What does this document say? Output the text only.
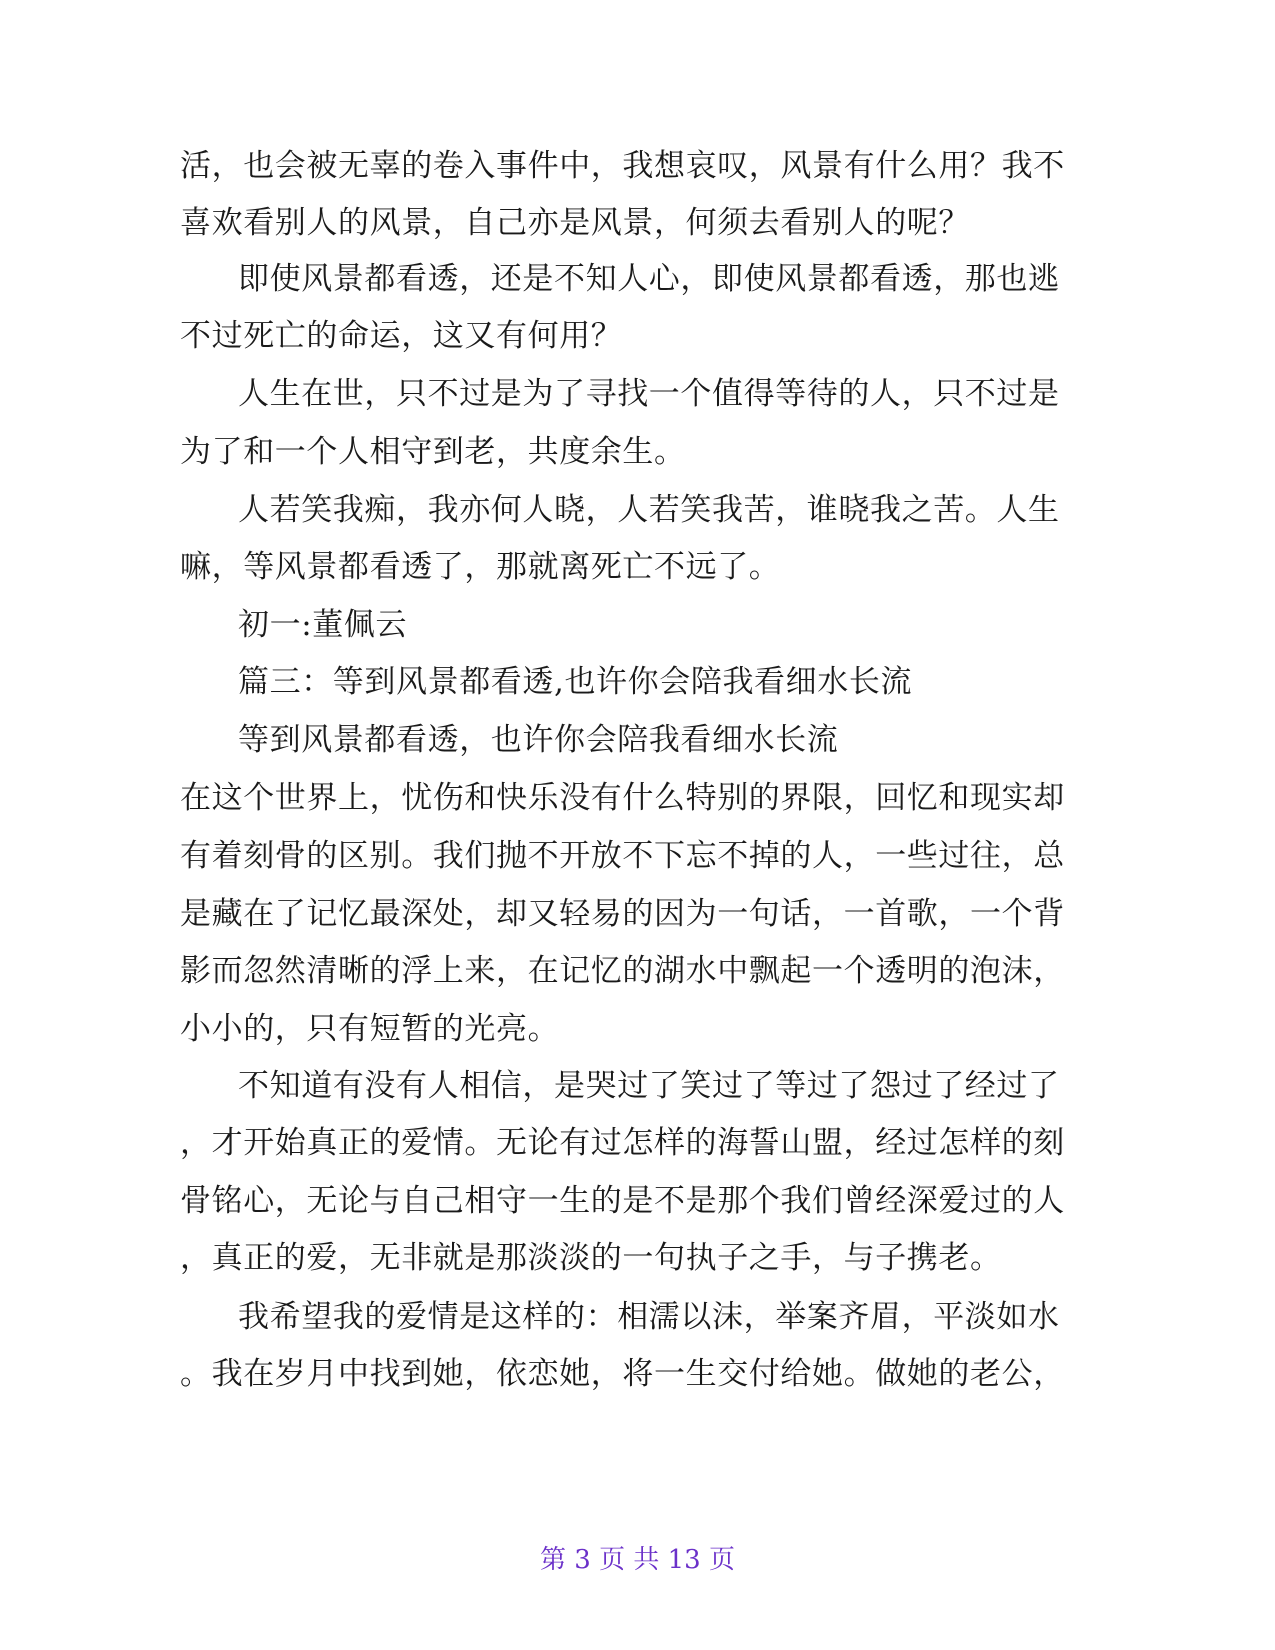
活，也会被无辜的卷入事件中，我想哀叹，风景有什么用？我不
喜欢看别人的风景，自己亦是风景，何须去看别人的呢？
即使风景都看透，还是不知人心，即使风景都看透，那也逃
不过死亡的命运，这又有何用？
人生在世，只不过是为了寻找一个值得等待的人，只不过是
为了和一个人相守到老，共度余生。
人若笑我痴，我亦何人晓，人若笑我苦，谁晓我之苦。人生
嘛，等风景都看透了，那就离死亡不远了。
初一:董佩云
篇三：等到风景都看透,也许你会陪我看细水长流
等到风景都看透，也许你会陪我看细水长流
在这个世界上，忧伤和快乐没有什么特别的界限，回忆和现实却
有着刻骨的区别。我们抛不开放不下忘不掉的人，一些过往，总
是藏在了记忆最深处，却又轻易的因为一句话，一首歌，一个背
影而忽然清晰的浮上来，在记忆的湖水中飘起一个透明的泡沫，
小小的，只有短暂的光亮。
不知道有没有人相信，是哭过了笑过了等过了怨过了经过了
，才开始真正的爱情。无论有过怎样的海誓山盟，经过怎样的刻
骨铭心，无论与自己相守一生的是不是那个我们曾经深爱过的人
，真正的爱，无非就是那淡淡的一句执子之手，与子携老。
我希望我的爱情是这样的：相濡以沫，举案齐眉，平淡如水
。我在岁月中找到她，依恋她，将一生交付给她。做她的老公，
第 3 页 共 13 页
